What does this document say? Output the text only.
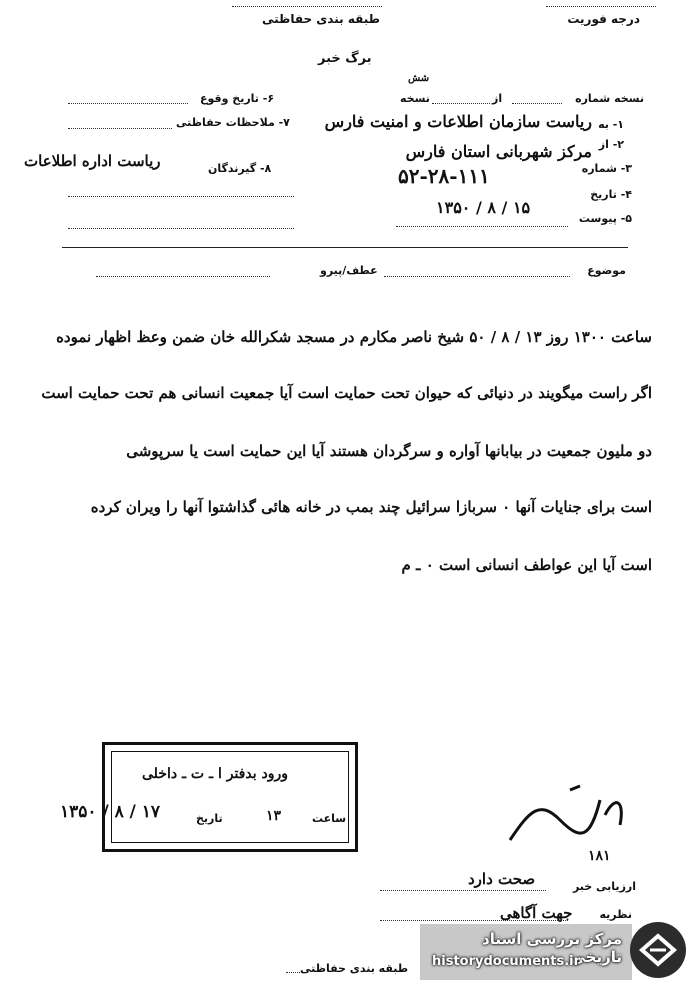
درجه فوریت
طبقه بندی حفاظتی
برگ خبر
شش
نسخه شماره
از
نسخه
۱- به
ریاست سازمان اطلاعات و امنیت فارس
۲- از
مرکز شهربانی استان فارس
۳- شماره
۵۲-۲۸-۱۱۱
۴- تاریخ
۱۳۵۰ / ۸ / ۱۵
۵- پیوست
۶- تاریخ وقوع
۷- ملاحظات حفاظتی
۸- گیرندگان
ریاست اداره اطلاعات
موضوع
عطف/پیرو
ساعت ۱۳۰۰ روز ۱۳ / ۸ / ۵۰ شیخ ناصر مکارم در مسجد شکرالله خان ضمن وعظ اظهار نموده
اگر راست میگویند در دنیائی که حیوان تحت حمایت است آیا جمعیت انسانی هم تحت حمایت است
دو ملیون جمعیت در بیابانها آواره و سرگردان هستند آیا این حمایت است یا سرپوشی
است برای جنایات آنها ۰ سربازا سرائیل چند بمب در خانه هائی گذاشتوا آنها را ویران کرده
است آیا این عواطف انسانی است ۰ ـ م
ورود بدفتر ا ـ ت ـ داخلی
ساعت
۱۳
تاریخ
۱۳۵۰ / ۸ / ۱۷
۱۸۱
ارزیابی خبر
صحت دارد
نظریه
جهت آگاهی
طبقه بندی حفاظتی
مرکز بررسی اسناد تاریخی
historydocuments.ir
